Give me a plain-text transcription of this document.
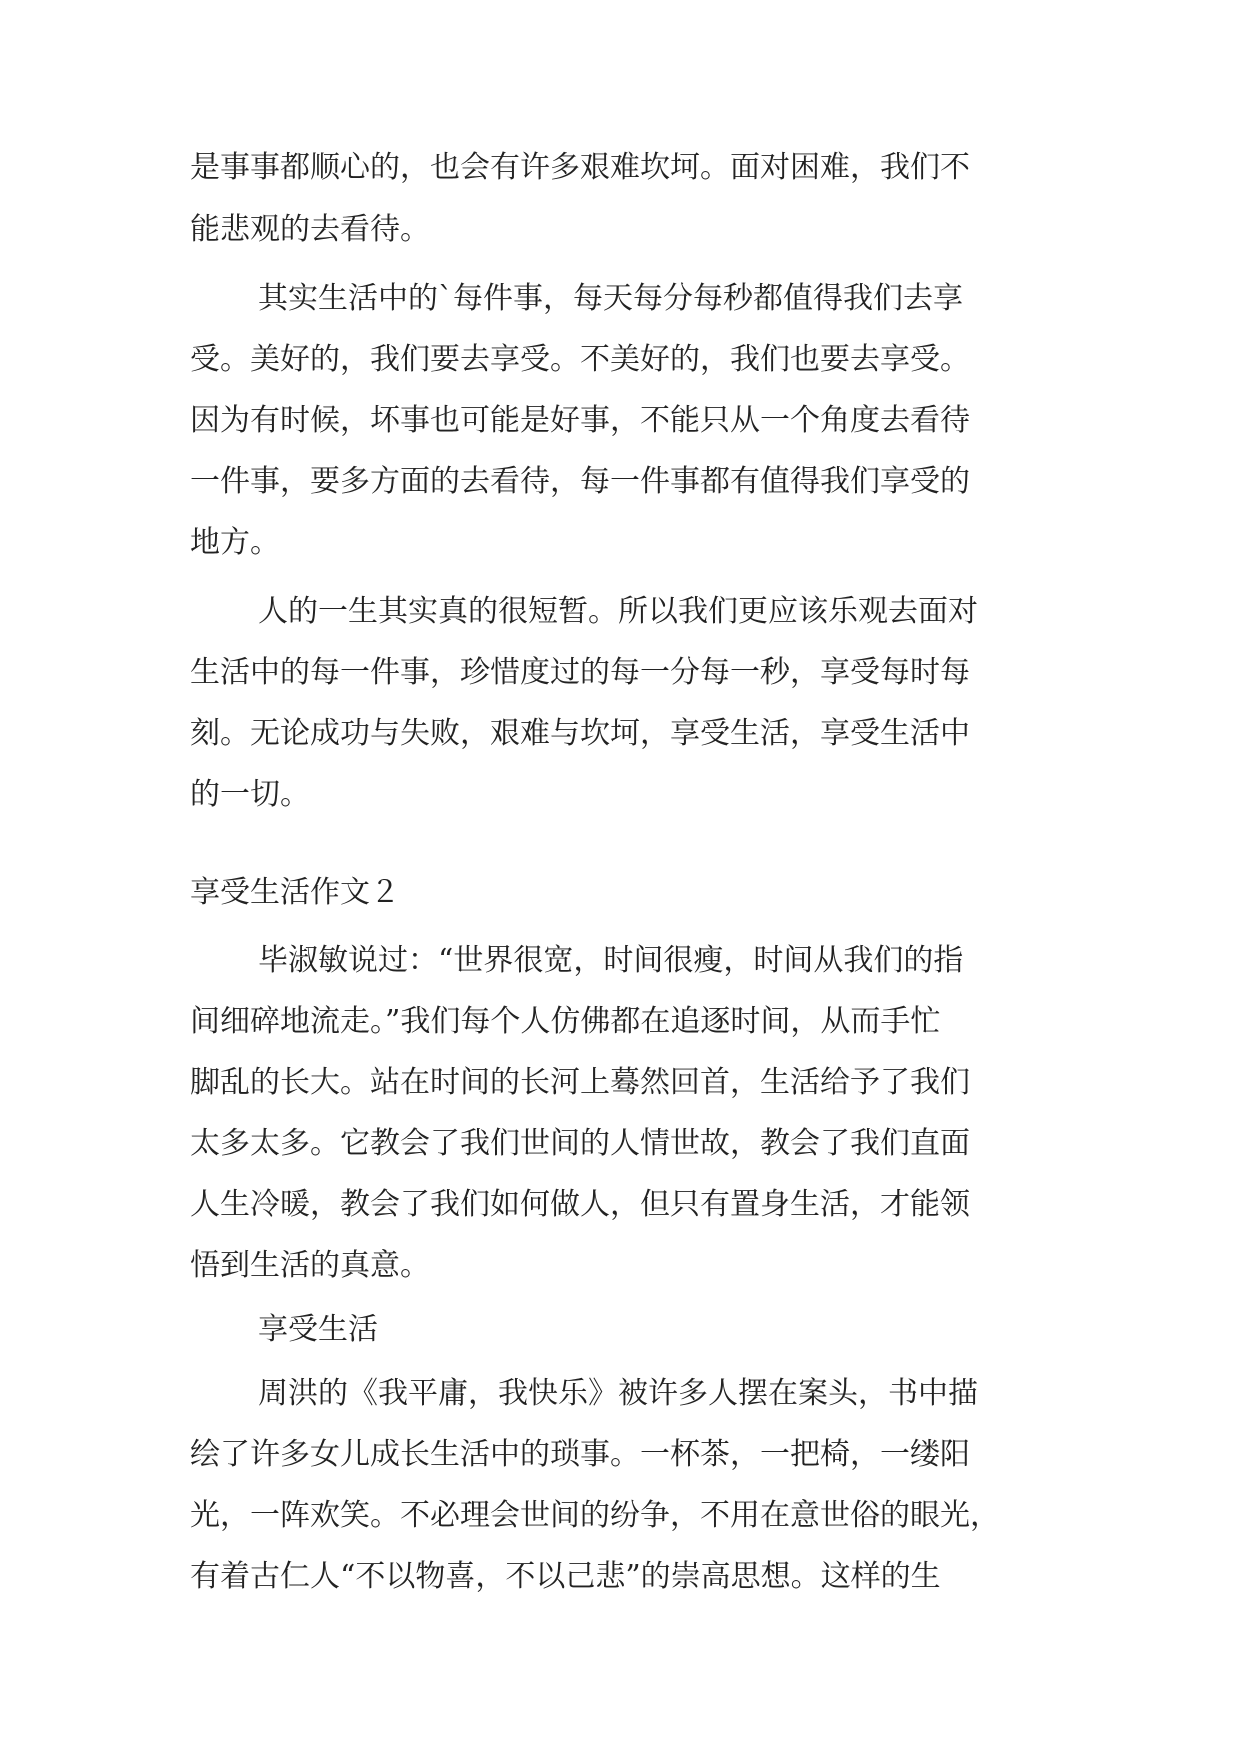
是事事都顺心的，也会有许多艰难坎坷。面对困难，我们不
能悲观的去看待。
其实生活中的`每件事，每天每分每秒都值得我们去享
受。美好的，我们要去享受。不美好的，我们也要去享受。
因为有时候，坏事也可能是好事，不能只从一个角度去看待
一件事，要多方面的去看待，每一件事都有值得我们享受的
地方。
人的一生其实真的很短暂。所以我们更应该乐观去面对
生活中的每一件事，珍惜度过的每一分每一秒，享受每时每
刻。无论成功与失败，艰难与坎坷，享受生活，享受生活中
的一切。
享受生活作文２
毕淑敏说过：“世界很宽，时间很瘦，时间从我们的指
间细碎地流走。”我们每个人仿佛都在追逐时间，从而手忙
脚乱的长大。站在时间的长河上蓦然回首，生活给予了我们
太多太多。它教会了我们世间的人情世故，教会了我们直面
人生冷暖，教会了我们如何做人，但只有置身生活，才能领
悟到生活的真意。
享受生活
周洪的《我平庸，我快乐》被许多人摆在案头，书中描
绘了许多女儿成长生活中的琐事。一杯茶，一把椅，一缕阳
光，一阵欢笑。不必理会世间的纷争，不用在意世俗的眼光，
有着古仁人“不以物喜，不以己悲”的崇高思想。这样的生
